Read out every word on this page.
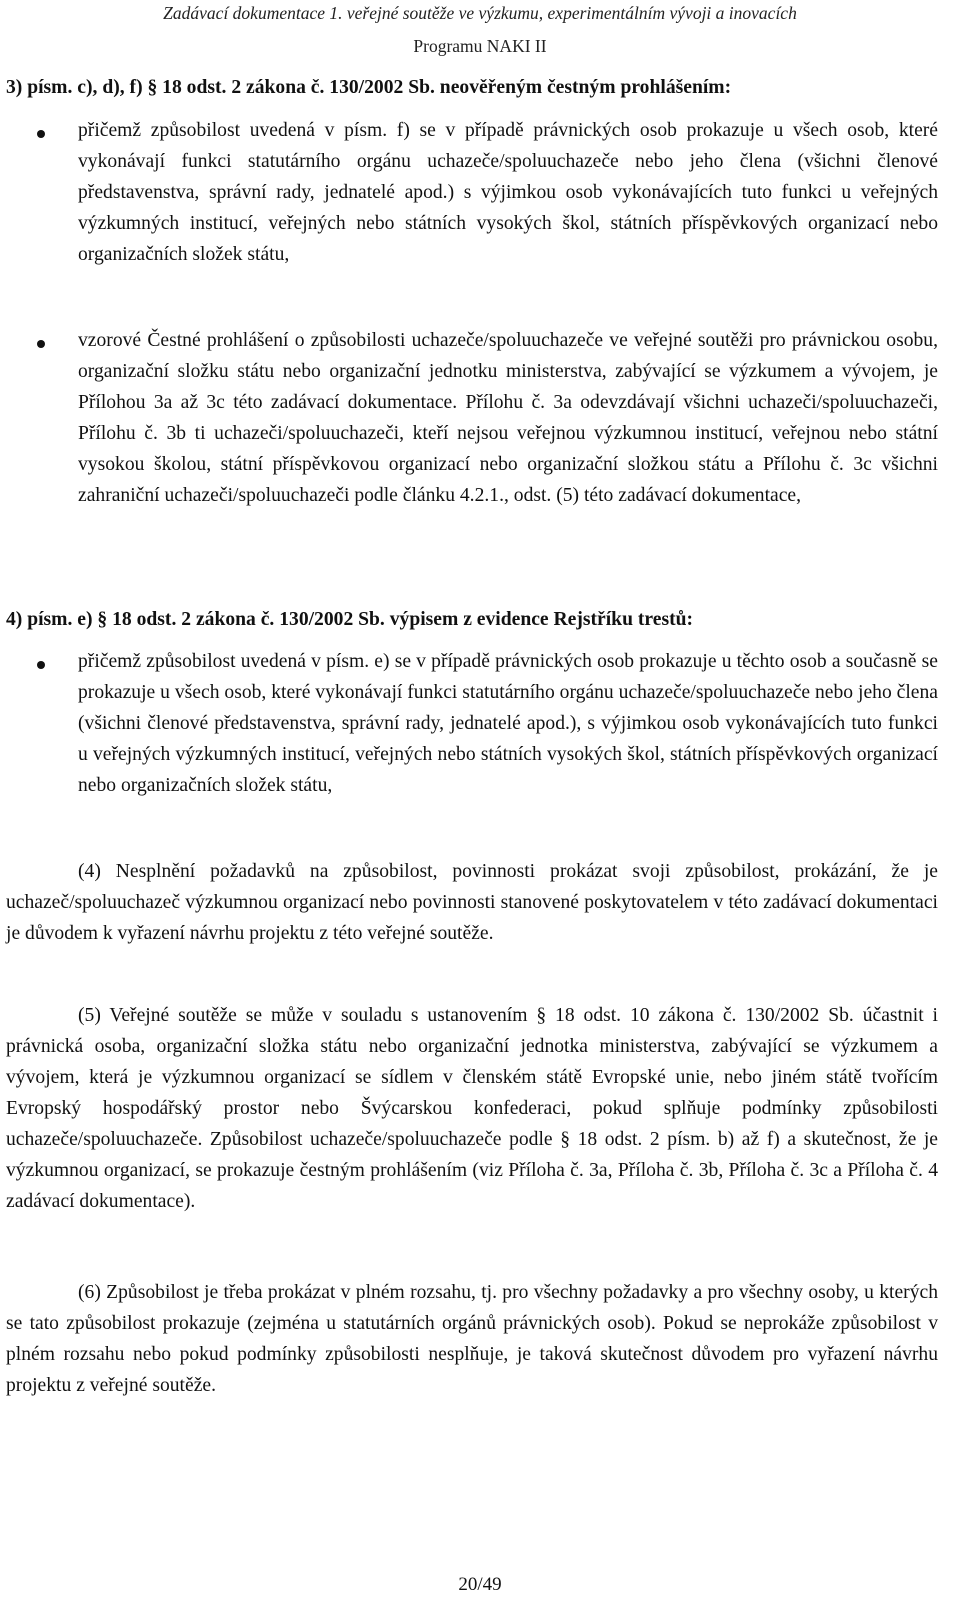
Zadávací dokumentace 1. veřejné soutěže ve výzkumu, experimentálním vývoji a inovacích
Programu NAKI II
3) písm. c), d), f) § 18 odst. 2 zákona č. 130/2002 Sb. neověřeným čestným prohlášením:
přičemž způsobilost uvedená v písm. f) se v případě právnických osob prokazuje u všech osob, které vykonávají funkci statutárního orgánu uchazeče/spoluuchazeče nebo jeho člena (všichni členové představenstva, správní rady, jednatelé apod.) s výjimkou osob vykonávajících tuto funkci u veřejných výzkumných institucí, veřejných nebo státních vysokých škol, státních příspěvkových organizací nebo organizačních složek státu,
vzorové Čestné prohlášení o způsobilosti uchazeče/spoluuchazeče ve veřejné soutěži pro právnickou osobu, organizační složku státu nebo organizační jednotku ministerstva, zabývající se výzkumem a vývojem, je Přílohou 3a až 3c této zadávací dokumentace. Přílohu č. 3a odevzdávají všichni uchazeči/spoluuchazeči, Přílohu č. 3b ti uchazeči/spoluuchazeči, kteří nejsou veřejnou výzkumnou institucí, veřejnou nebo státní vysokou školou, státní příspěvkovou organizací nebo organizační složkou státu a Přílohu č. 3c všichni zahraniční uchazeči/spoluuchazeči podle článku 4.2.1., odst. (5) této zadávací dokumentace,
4) písm. e) § 18 odst. 2 zákona č. 130/2002 Sb. výpisem z evidence Rejstříku trestů:
přičemž způsobilost uvedená v písm. e) se v případě právnických osob prokazuje u těchto osob a současně se prokazuje u všech osob, které vykonávají funkci statutárního orgánu uchazeče/spoluuchazeče nebo jeho člena (všichni členové představenstva, správní rady, jednatelé apod.), s výjimkou osob vykonávajících tuto funkci u veřejných výzkumných institucí, veřejných nebo státních vysokých škol, státních příspěvkových organizací nebo organizačních složek státu,
(4) Nesplnění požadavků na způsobilost, povinnosti prokázat svoji způsobilost, prokázání, že je uchazeč/spoluuchazeč výzkumnou organizací nebo povinnosti stanovené poskytovatelem v této zadávací dokumentaci je důvodem k vyřazení návrhu projektu z této veřejné soutěže.
(5) Veřejné soutěže se může v souladu s ustanovením § 18 odst. 10 zákona č. 130/2002 Sb. účastnit i právnická osoba, organizační složka státu nebo organizační jednotka ministerstva, zabývající se výzkumem a vývojem, která je výzkumnou organizací se sídlem v členském státě Evropské unie, nebo jiném státě tvořícím Evropský hospodářský prostor nebo Švýcarskou konfederaci, pokud splňuje podmínky způsobilosti uchazeče/spoluuchazeče. Způsobilost uchazeče/spoluuchazeče podle § 18 odst. 2 písm. b) až f) a skutečnost, že je výzkumnou organizací, se prokazuje čestným prohlášením (viz Příloha č. 3a, Příloha č. 3b, Příloha č. 3c a Příloha č. 4 zadávací dokumentace).
(6) Způsobilost je třeba prokázat v plném rozsahu, tj. pro všechny požadavky a pro všechny osoby, u kterých se tato způsobilost prokazuje (zejména u statutárních orgánů právnických osob). Pokud se neprokáže způsobilost v plném rozsahu nebo pokud podmínky způsobilosti nesplňuje, je taková skutečnost důvodem pro vyřazení návrhu projektu z veřejné soutěže.
20/49
